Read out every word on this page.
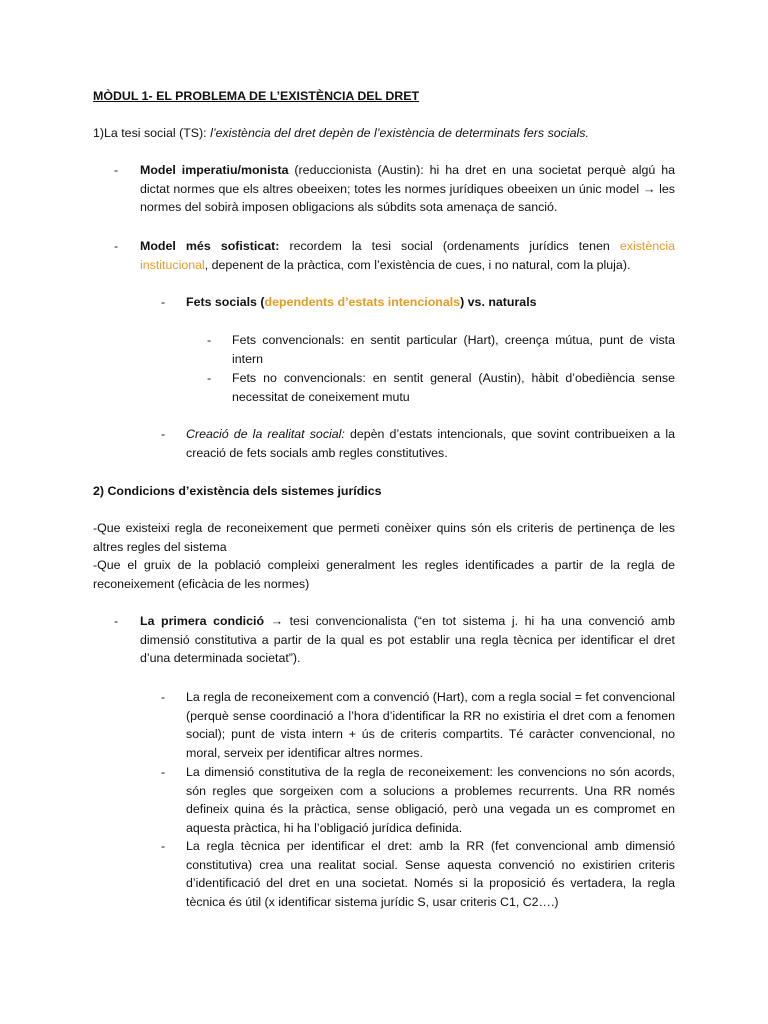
MÒDUL 1- EL PROBLEMA DE L’EXISTÈNCIA DEL DRET
1)La tesi social (TS): l’existència del dret depèn de l’existència de determinats fers socials.
- Model imperatiu/monista (reduccionista (Austin): hi ha dret en una societat perquè algú ha dictat normes que els altres obeeixen; totes les normes jurídiques obeeixen un únic model → les normes del sobirà imposen obligacions als súbdits sota amenaça de sanció.
- Model més sofisticat: recordem la tesi social (ordenaments jurídics tenen existència institucional, depenent de la pràctica, com l’existència de cues, i no natural, com la pluja).
- Fets socials (dependents d’estats intencionals) vs. naturals
- Fets convencionals: en sentit particular (Hart), creença mútua, punt de vista intern
- Fets no convencionals: en sentit general (Austin), hàbit d’obediència sense necessitat de coneixement mutu
- Creació de la realitat social: depèn d’estats intencionals, que sovint contribueixen a la creació de fets socials amb regles constitutives.
2) Condicions d’existència dels sistemes jurídics
-Que existeixi regla de reconeixement que permeti conèixer quins són els criteris de pertinença de les altres regles del sistema
-Que el gruix de la població compleixi generalment les regles identificades a partir de la regla de reconeixement (eficàcia de les normes)
- La primera condició → tesi convencionalista (“en tot sistema j. hi ha una convenció amb dimensió constitutiva a partir de la qual es pot establir una regla tècnica per identificar el dret d’una determinada societat”).
- La regla de reconeixement com a convenció (Hart), com a regla social = fet convencional (perquè sense coordinació a l’hora d’identificar la RR no existiria el dret com a fenomen social); punt de vista intern + ús de criteris compartits. Té caràcter convencional, no moral, serveix per identificar altres normes.
- La dimensió constitutiva de la regla de reconeixement: les convencions no són acords, són regles que sorgeixen com a solucions a problemes recurrents. Una RR només defineix quina és la pràctica, sense obligació, però una vegada un es compromet en aquesta pràctica, hi ha l’obligació jurídica definida.
- La regla tècnica per identificar el dret: amb la RR (fet convencional amb dimensió constitutiva) crea una realitat social. Sense aquesta convenció no existirien criteris d’identificació del dret en una societat. Només si la proposició és vertadera, la regla tècnica és útil (x identificar sistema jurídic S, usar criteris C1, C2….)
